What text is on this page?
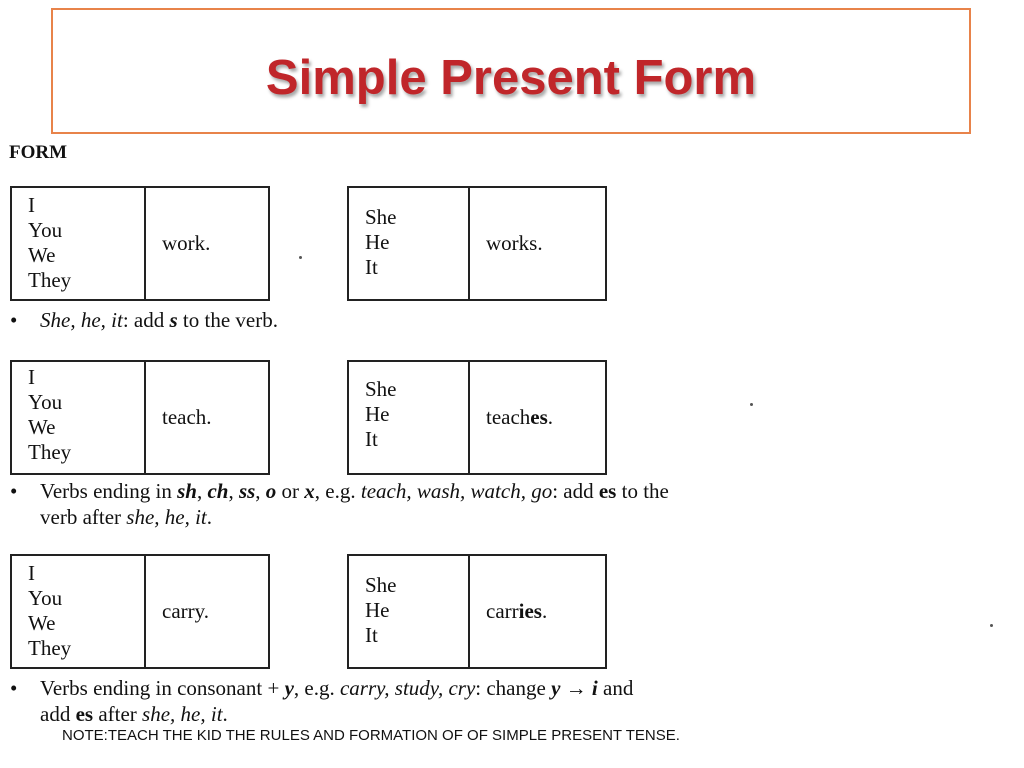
Simple Present Form
FORM
I
You
We
They
work.
She
He
It
works .
• She, he, it: add s to the verb.
I
You
We
They
teach.
She
He
It
teach es .
• Verbs ending in sh, ch, ss, o or x, e.g. teach, wash, watch, go: add es to the
verb after she, he, it.
I
You
We
They
carry.
She
He
It
carr ies .
• Verbs ending in consonant + y, e.g. carry, study, cry: change y → i and
add es after she, he, it.
NOTE:TEACH THE KID THE RULES AND FORMATION OF OF SIMPLE PRESENT TENSE.
